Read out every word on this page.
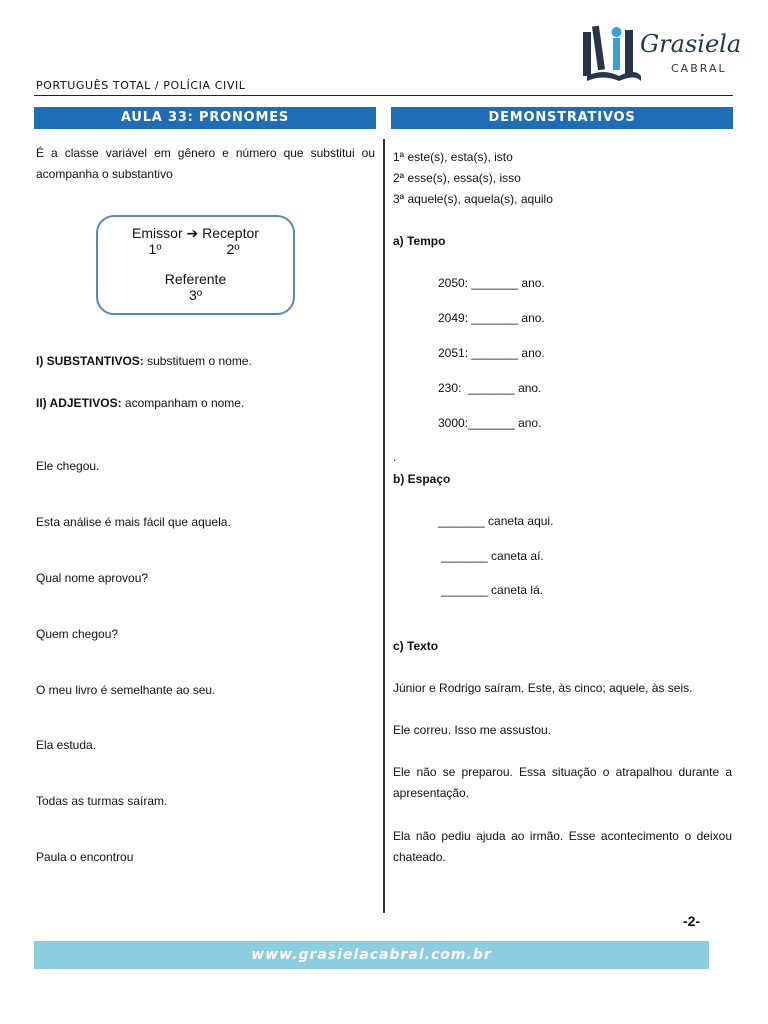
PORTUGUÊS TOTAL / POLÍCIA CIVIL
Grasiela
CABRAL
AULA 33: PRONOMES	DEMONSTRATIVOS
É a classe variável em gênero e número que substitui ou acompanha o substantivo
Emissor ➔ Receptor
1º	2º
Referente
3º
I) SUBSTANTIVOS: substituem o nome.
II) ADJETIVOS: acompanham o nome.
Ele chegou.
Esta análise é mais fácil que aquela.
Qual nome aprovou?
Quem chegou?
O meu livro é semelhante ao seu.
Ela estuda.
Todas as turmas saíram.
Paula o encontrou
1ª este(s), esta(s), isto
2ª esse(s), essa(s), isso
3ª aquele(s), aquela(s), aquilo
a) Tempo
2050: _______ ano.
2049: _______ ano.
2051: _______ ano.
230:  _______ ano.
3000:_______ ano.
.
b) Espaço
_______ caneta aqui.
_______ caneta aí.
_______ caneta lá.
c) Texto
Júnior e Rodrigo saíram. Este, às cinco; aquele, às seis.
Ele correu. Isso me assustou.
Ele não se preparou. Essa situação o atrapalhou durante a apresentação.
Ela não pediu ajuda ao irmão. Esse acontecimento o deixou chateado.
-2-
www.grasielacabral.com.br
